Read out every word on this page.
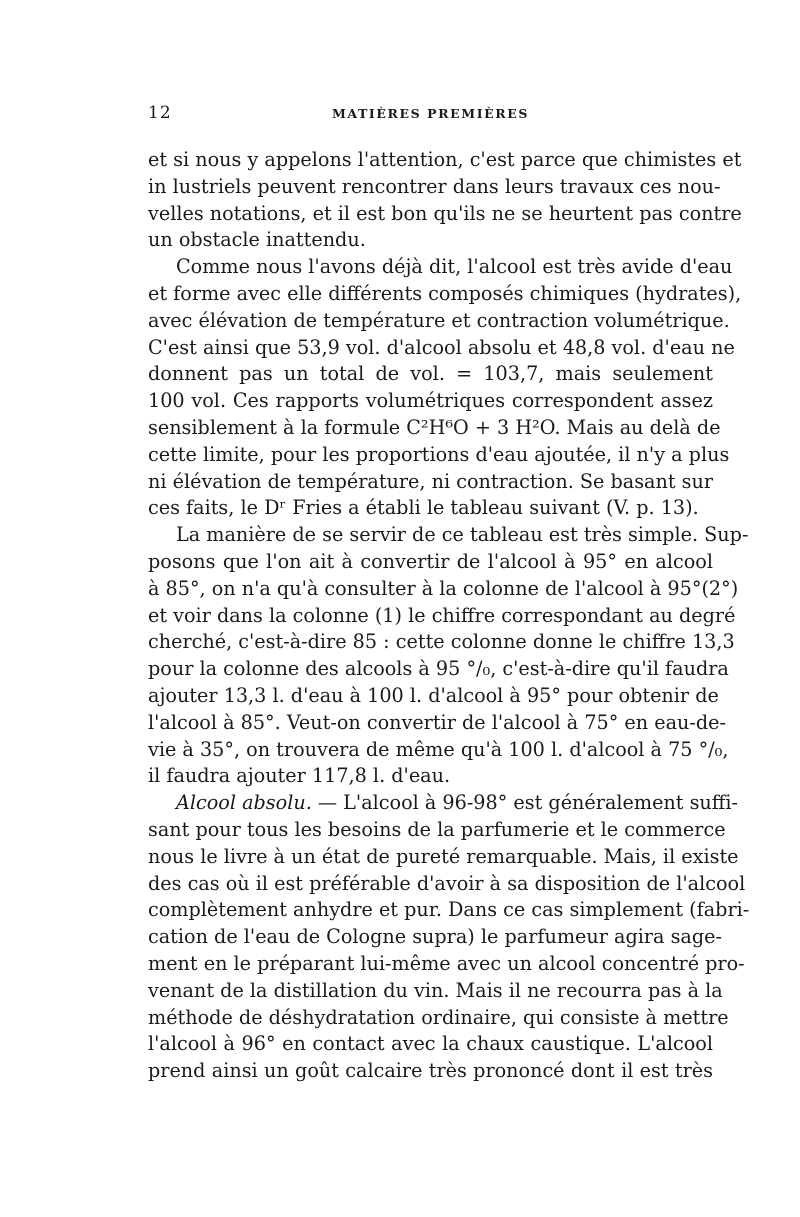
12	MATIÈRES PREMIÈRES
et si nous y appelons l'attention, c'est parce que chimistes et
in lustriels peuvent rencontrer dans leurs travaux ces nou-
velles notations, et il est bon qu'ils ne se heurtent pas contre
un obstacle inattendu.
Comme nous l'avons déjà dit, l'alcool est très avide d'eau
et forme avec elle différents composés chimiques (hydrates),
avec élévation de température et contraction volumétrique.
C'est ainsi que 53,9 vol. d'alcool absolu et 48,8 vol. d'eau ne
donnent pas un total de vol. = 103,7, mais seulement
100 vol. Ces rapports volumétriques correspondent assez
sensiblement à la formule C²H⁶O + 3 H²O. Mais au delà de
cette limite, pour les proportions d'eau ajoutée, il n'y a plus
ni élévation de température, ni contraction. Se basant sur
ces faits, le Dʳ Fries a établi le tableau suivant (V. p. 13).
La manière de se servir de ce tableau est très simple. Sup-
posons que l'on ait à convertir de l'alcool à 95° en alcool
à 85°, on n'a qu'à consulter à la colonne de l'alcool à 95°(2°)
et voir dans la colonne (1) le chiffre correspondant au degré
cherché, c'est-à-dire 85 : cette colonne donne le chiffre 13,3
pour la colonne des alcools à 95 °/₀, c'est-à-dire qu'il faudra
ajouter 13,3 l. d'eau à 100 l. d'alcool à 95° pour obtenir de
l'alcool à 85°. Veut-on convertir de l'alcool à 75° en eau-de-
vie à 35°, on trouvera de même qu'à 100 l. d'alcool à 75 °/₀,
il faudra ajouter 117,8 l. d'eau.
Alcool absolu. — L'alcool à 96-98° est généralement suffi-
sant pour tous les besoins de la parfumerie et le commerce
nous le livre à un état de pureté remarquable. Mais, il existe
des cas où il est préférable d'avoir à sa disposition de l'alcool
complètement anhydre et pur. Dans ce cas simplement (fabri-
cation de l'eau de Cologne supra) le parfumeur agira sage-
ment en le préparant lui-même avec un alcool concentré pro-
venant de la distillation du vin. Mais il ne recourra pas à la
méthode de déshydratation ordinaire, qui consiste à mettre
l'alcool à 96° en contact avec la chaux caustique. L'alcool
prend ainsi un goût calcaire très prononcé dont il est très
